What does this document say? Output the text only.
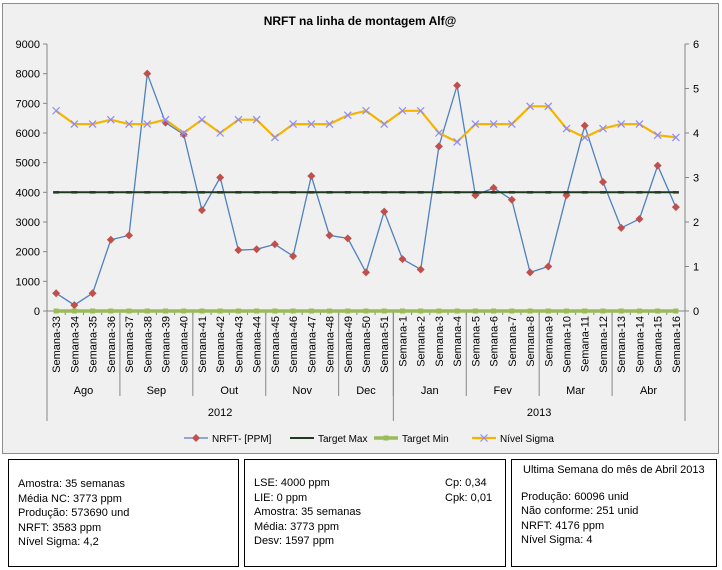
NRFT na linha de montagem Alf@
0
1000
2000
3000
4000
5000
6000
7000
8000
9000
0
1
2
3
4
5
6
Semana-33 Semana-34 Semana-35 Semana-36 Semana-37 Semana-38 Semana-39 Semana-40 Semana-41 Semana-42 Semana-43 Semana-44 Semana-45 Semana-46 Semana-47 Semana-48 Semana-49 Semana-50 Semana-51 Semana-1 Semana-2 Semana-3 Semana-4 Semana-5 Semana-6 Semana-7 Semana-8 Semana-9 Semana-10 Semana-11 Semana-12 Semana-13 Semana-14 Semana-15 Semana-16
Ago	Sep	Out	Nov	Dec	Jan	Fev	Mar	Abr
2012	2013
NRFT- [PPM]	Target Max	Target Min	Nível Sigma
Amostra: 35 semanas
Média NC: 3773 ppm
Produção: 573690 und
NRFT: 3583 ppm
Nível Sigma: 4,2
LSE: 4000 ppm
LIE: 0 ppm
Amostra: 35 semanas
Média: 3773 ppm
Desv: 1597 ppm
Cp: 0,34
Cpk: 0,01
Ultima Semana do mês de Abril 2013
Produção: 60096 unid
Não conforme: 251 unid
NRFT: 4176 ppm
Nível Sigma: 4
